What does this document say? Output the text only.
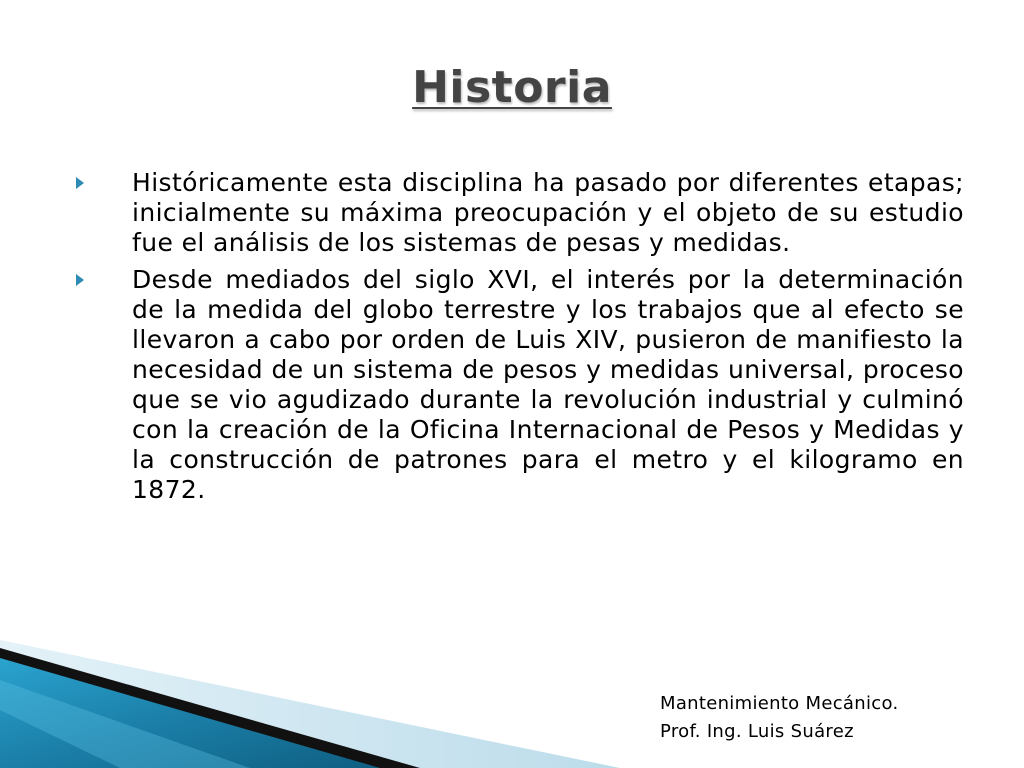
Historia
Históricamente esta disciplina ha pasado por diferentes etapas; inicialmente su máxima preocupación y el objeto de su estudio fue el análisis de los sistemas de pesas y medidas.
Desde mediados del siglo XVI, el interés por la determinación de la medida del globo terrestre y los trabajos que al efecto se llevaron a cabo por orden de Luis XIV, pusieron de manifiesto la necesidad de un sistema de pesos y medidas universal, proceso que se vio agudizado durante la revolución industrial y culminó con la creación de la Oficina Internacional de Pesos y Medidas y la construcción de patrones para el metro y el kilogramo en 1872.
Mantenimiento Mecánico.
Prof. Ing. Luis Suárez
